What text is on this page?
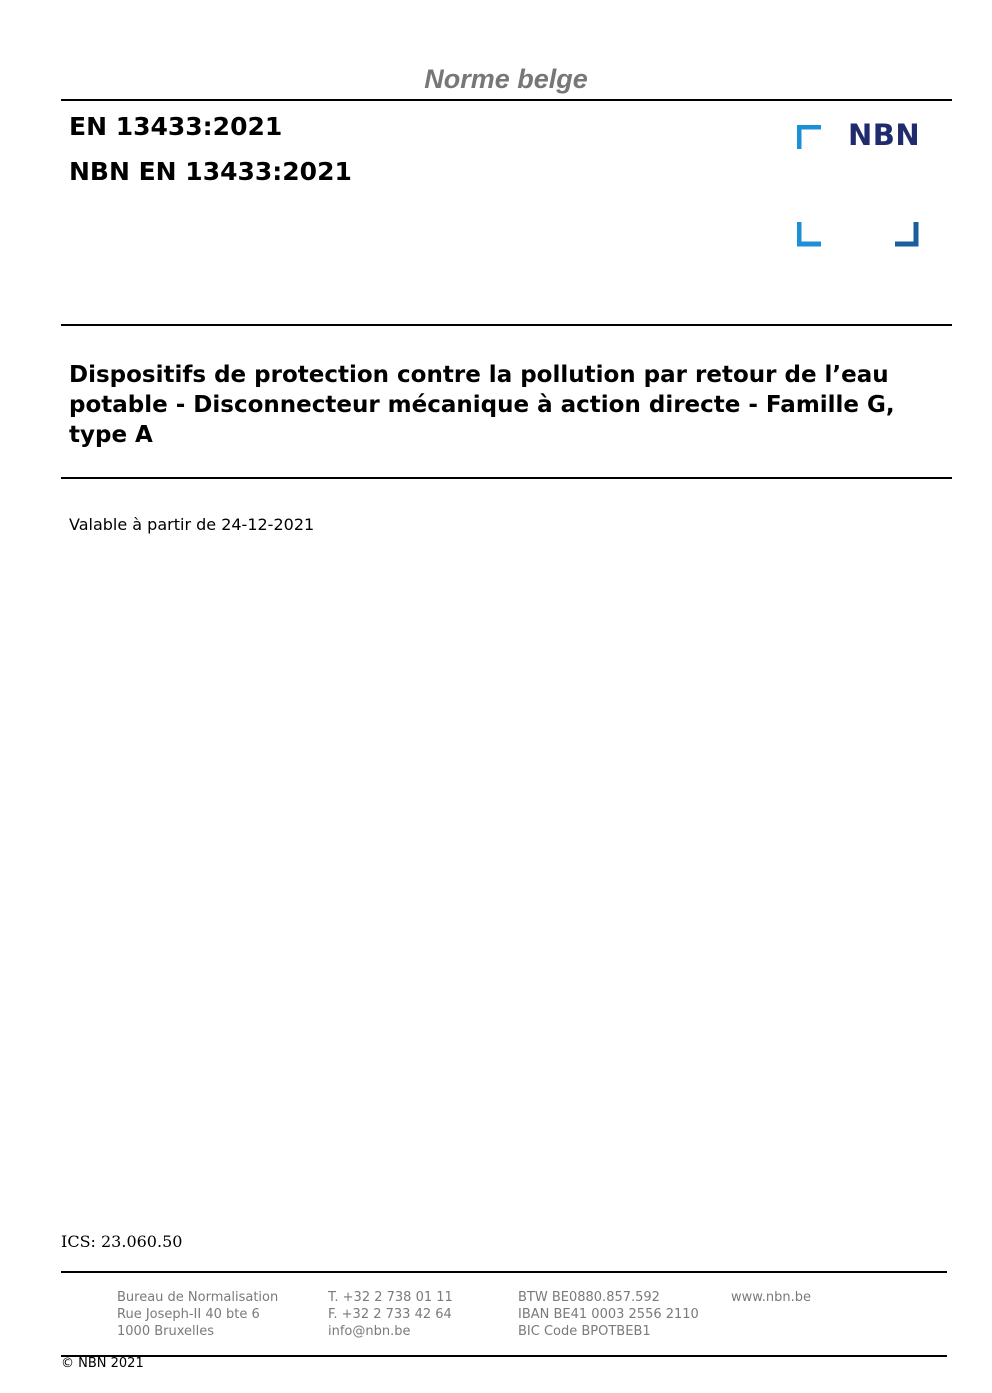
Norme belge
EN 13433:2021
NBN EN 13433:2021
NBN
Dispositifs de protection contre la pollution par retour de l’eau
potable - Disconnecteur mécanique à action directe - Famille G,
type A
Valable à partir de 24-12-2021
ICS: 23.060.50
Bureau de Normalisation
Rue Joseph-II 40 bte 6
1000 Bruxelles
T. +32 2 738 01 11
F. +32 2 733 42 64
info@nbn.be
BTW BE0880.857.592
IBAN BE41 0003 2556 2110
BIC Code BPOTBEB1
www.nbn.be
© NBN 2021
